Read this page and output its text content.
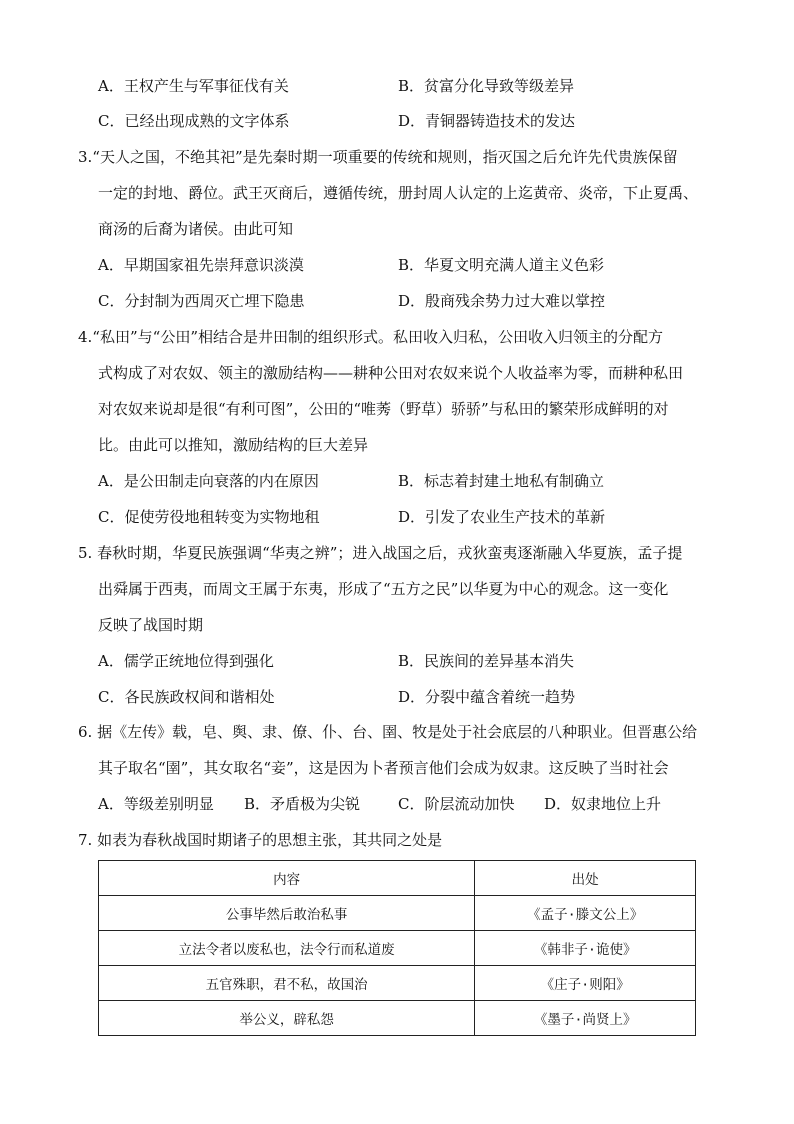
A．王权产生与军事征伐有关	B．贫富分化导致等级差异
C．已经出现成熟的文字体系	D．青铜器铸造技术的发达
3.“天人之国，不绝其祀”是先秦时期一项重要的传统和规则，指灭国之后允许先代贵族保留
一定的封地、爵位。武王灭商后，遵循传统，册封周人认定的上迄黄帝、炎帝，下止夏禹、
商汤的后裔为诸侯。由此可知
A．早期国家祖先崇拜意识淡漠	B．华夏文明充满人道主义色彩
C．分封制为西周灭亡埋下隐患	D．殷商残余势力过大难以掌控
4.“私田”与“公田”相结合是井田制的组织形式。私田收入归私，公田收入归领主的分配方
式构成了对农奴、领主的激励结构——耕种公田对农奴来说个人收益率为零，而耕种私田
对农奴来说却是很“有利可图”，公田的“唯莠（野草）骄骄”与私田的繁荣形成鲜明的对
比。由此可以推知，激励结构的巨大差异
A．是公田制走向衰落的内在原因	B．标志着封建土地私有制确立
C．促使劳役地租转变为实物地租	D．引发了农业生产技术的革新
5. 春秋时期，华夏民族强调“华夷之辨”；进入战国之后，戎狄蛮夷逐渐融入华夏族，孟子提
出舜属于西夷，而周文王属于东夷，形成了“五方之民”以华夏为中心的观念。这一变化
反映了战国时期
A．儒学正统地位得到强化	B．民族间的差异基本消失
C．各民族政权间和谐相处	D．分裂中蕴含着统一趋势
6. 据《左传》载，皂、舆、隶、僚、仆、台、圉、牧是处于社会底层的八种职业。但晋惠公给
其子取名“圉”，其女取名“妾”，这是因为卜者预言他们会成为奴隶。这反映了当时社会
A．等级差别明显 B．矛盾极为尖锐	C．阶层流动加快 D．奴隶地位上升
7. 如表为春秋战国时期诸子的思想主张，其共同之处是
内容	出处
公事毕然后敢治私事	《孟子·滕文公上》
立法令者以废私也，法令行而私道废	《韩非子·诡使》
五官殊职，君不私，故国治	《庄子·则阳》
举公义，辟私怨	《墨子·尚贤上》
